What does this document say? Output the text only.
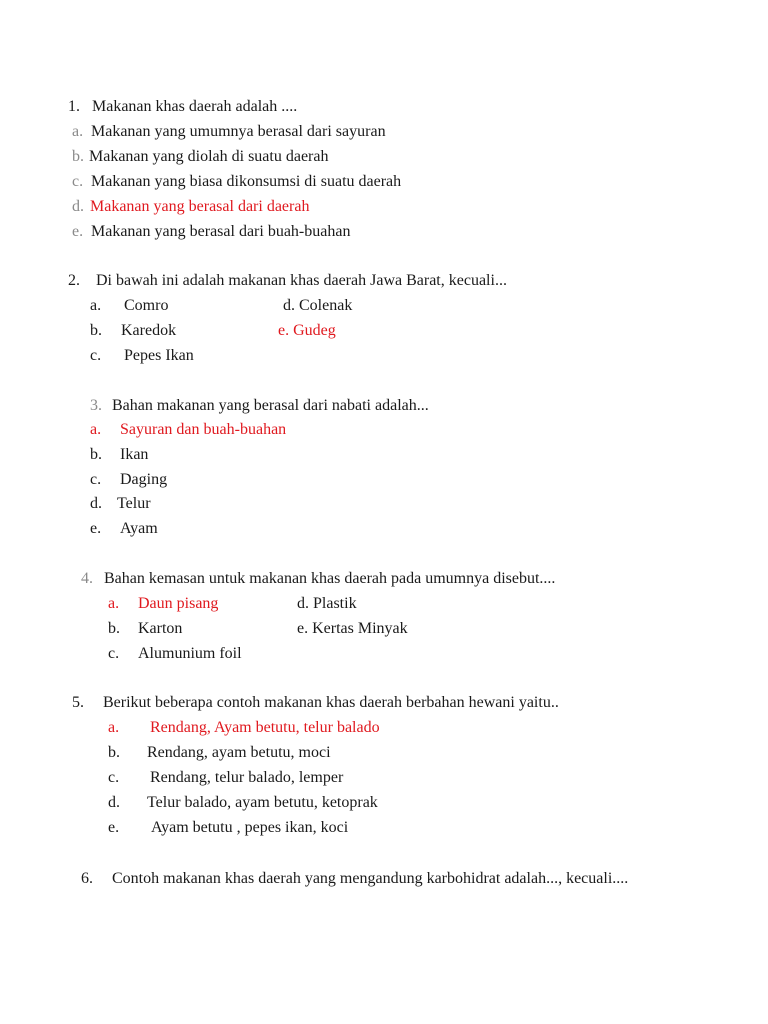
1. Makanan khas daerah adalah ....
a. Makanan yang umumnya berasal dari sayuran
b. Makanan yang diolah di suatu daerah
c. Makanan yang biasa dikonsumsi di suatu daerah
d. Makanan yang berasal dari daerah
e. Makanan yang berasal dari buah-buahan
2. Di bawah ini adalah makanan khas daerah Jawa Barat, kecuali...
a. Comro
b. Karedok
c. Pepes Ikan
d. Colenak
e. Gudeg
3. Bahan makanan yang berasal dari nabati adalah...
a. Sayuran dan buah-buahan
b. Ikan
c. Daging
d. Telur
e. Ayam
4. Bahan kemasan untuk makanan khas daerah pada umumnya disebut....
a. Daun pisang
b. Karton
c. Alumunium foil
d. Plastik
e. Kertas Minyak
5. Berikut beberapa contoh makanan khas daerah berbahan hewani yaitu..
a. Rendang, Ayam betutu, telur balado
b. Rendang, ayam betutu, moci
c. Rendang, telur balado, lemper
d. Telur balado, ayam betutu, ketoprak
e. Ayam betutu , pepes ikan, koci
6.	Contoh makanan khas daerah yang mengandung karbohidrat adalah..., kecuali....
